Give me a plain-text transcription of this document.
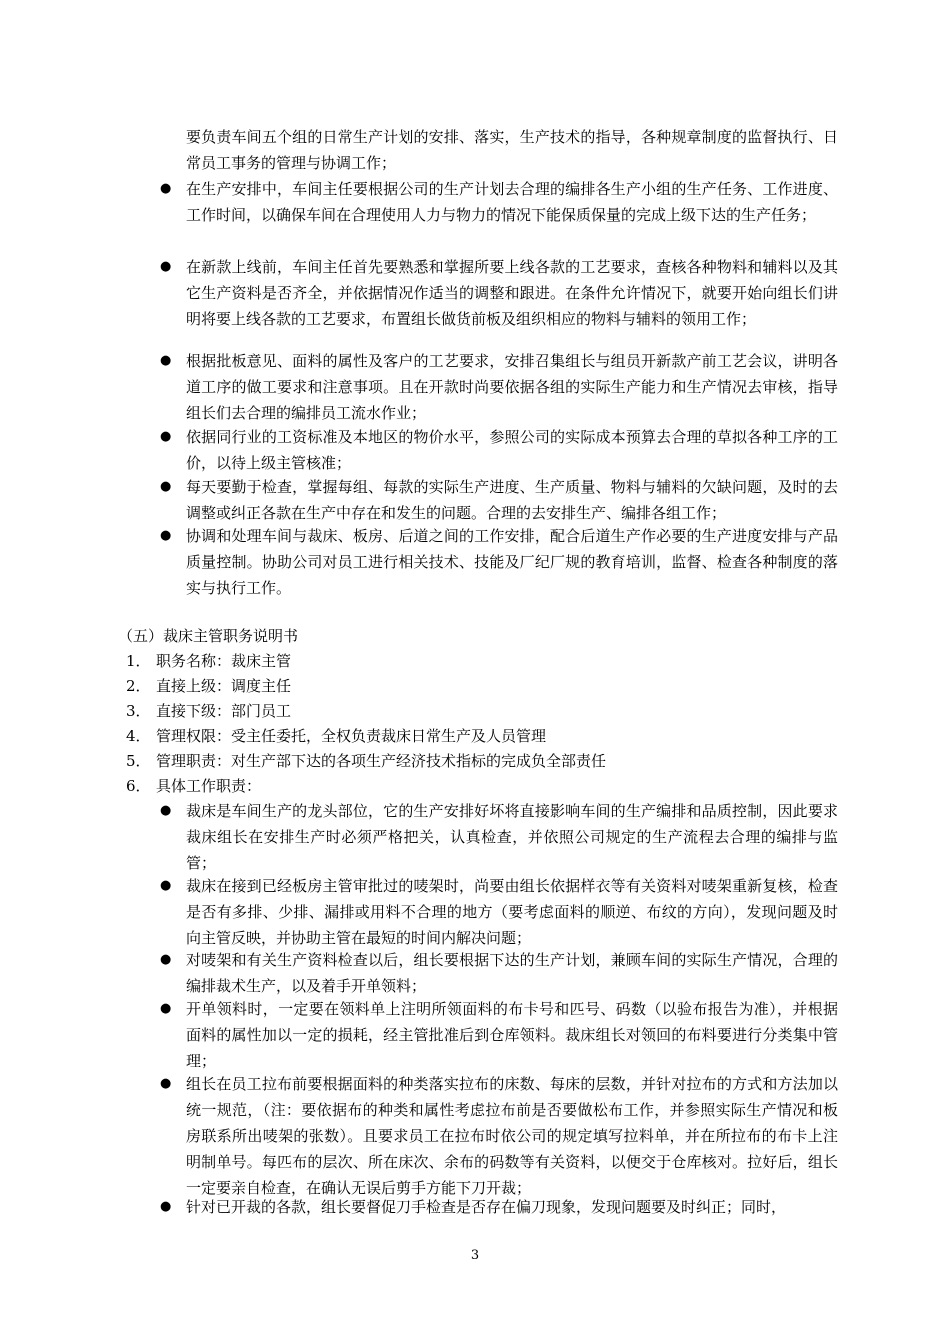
要负责车间五个组的日常生产计划的安排、落实，生产技术的指导，各种规章制度的监督执行、日常员工事务的管理与协调工作；
● 在生产安排中，车间主任要根据公司的生产计划去合理的编排各生产小组的生产任务、工作进度、工作时间，以确保车间在合理使用人力与物力的情况下能保质保量的完成上级下达的生产任务；
● 在新款上线前，车间主任首先要熟悉和掌握所要上线各款的工艺要求，查核各种物料和辅料以及其它生产资料是否齐全，并依据情况作适当的调整和跟进。在条件允许情况下，就要开始向组长们讲明将要上线各款的工艺要求，布置组长做货前板及组织相应的物料与辅料的领用工作；
● 根据批板意见、面料的属性及客户的工艺要求，安排召集组长与组员开新款产前工艺会议，讲明各道工序的做工要求和注意事项。且在开款时尚要依据各组的实际生产能力和生产情况去审核，指导组长们去合理的编排员工流水作业；
● 依据同行业的工资标准及本地区的物价水平，参照公司的实际成本预算去合理的草拟各种工序的工价，以待上级主管核准；
● 每天要勤于检查，掌握每组、每款的实际生产进度、生产质量、物料与辅料的欠缺问题，及时的去调整或纠正各款在生产中存在和发生的问题。合理的去安排生产、编排各组工作；
● 协调和处理车间与裁床、板房、后道之间的工作安排，配合后道生产作必要的生产进度安排与产品质量控制。协助公司对员工进行相关技术、技能及厂纪厂规的教育培训，监督、检查各种制度的落实与执行工作。
（五）裁床主管职务说明书
1． 职务名称：裁床主管
2． 直接上级：调度主任
3． 直接下级：部门员工
4． 管理权限：受主任委托，全权负责裁床日常生产及人员管理
5． 管理职责：对生产部下达的各项生产经济技术指标的完成负全部责任
6． 具体工作职责：
● 裁床是车间生产的龙头部位，它的生产安排好坏将直接影响车间的生产编排和品质控制，因此要求裁床组长在安排生产时必须严格把关，认真检查，并依照公司规定的生产流程去合理的编排与监管；
● 裁床在接到已经板房主管审批过的唛架时，尚要由组长依据样衣等有关资料对唛架重新复核，检查是否有多排、少排、漏排或用料不合理的地方（要考虑面料的顺逆、布纹的方向），发现问题及时向主管反映，并协助主管在最短的时间内解决问题；
● 对唛架和有关生产资料检查以后，组长要根据下达的生产计划，兼顾车间的实际生产情况，合理的编排裁术生产，以及着手开单领料；
● 开单领料时，一定要在领料单上注明所领面料的布卡号和匹号、码数（以验布报告为准），并根据面料的属性加以一定的损耗，经主管批准后到仓库领料。裁床组长对领回的布料要进行分类集中管理；
● 组长在员工拉布前要根据面料的种类落实拉布的床数、每床的层数，并针对拉布的方式和方法加以统一规范，（注：要依据布的种类和属性考虑拉布前是否要做松布工作，并参照实际生产情况和板房联系所出唛架的张数）。且要求员工在拉布时依公司的规定填写拉料单，并在所拉布的布卡上注明制单号。每匹布的层次、所在床次、余布的码数等有关资料，以便交于仓库核对。拉好后，组长一定要亲自检查，在确认无误后剪手方能下刀开裁；
● 针对已开裁的各款，组长要督促刀手检查是否存在偏刀现象，发现问题要及时纠正；同时，
3
